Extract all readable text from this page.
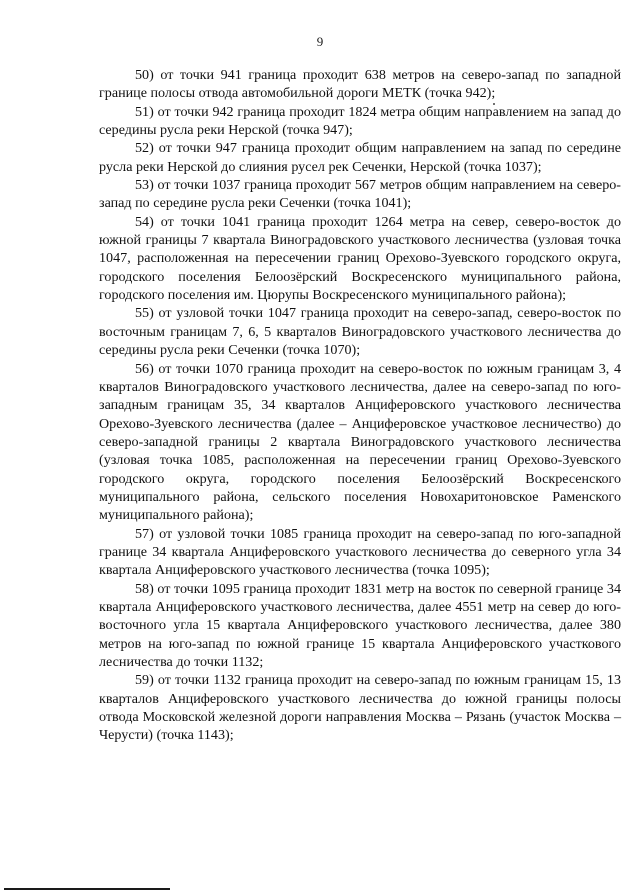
9

50) от точки 941 граница проходит 638 метров на северо-запад по западной границе полосы отвода автомобильной дороги МЕТК (точка 942);

51) от точки 942 граница проходит 1824 метра общим направлением на запад до середины русла реки Нерской (точка 947);

52) от точки 947 граница проходит общим направлением на запад по середине русла реки Нерской до слияния русел рек Сеченки, Нерской (точка 1037);

53) от точки 1037 граница проходит 567 метров общим направлением на северо-запад по середине русла реки Сеченки (точка 1041);

54) от точки 1041 граница проходит 1264 метра на север, северо-восток до южной границы 7 квартала Виноградовского участкового лесничества (узловая точка 1047, расположенная на пересечении границ Орехово-Зуевского городского округа, городского поселения Белоозёрский Воскресенского муниципального района, городского поселения им. Цюрупы Воскресенского муниципального района);

55) от узловой точки 1047 граница проходит на северо-запад, северо-восток по восточным границам 7, 6, 5 кварталов Виноградовского участкового лесничества до середины русла реки Сеченки (точка 1070);

56) от точки 1070 граница проходит на северо-восток по южным границам 3, 4 кварталов Виноградовского участкового лесничества, далее на северо-запад по юго-западным границам 35, 34 кварталов Анциферовского участкового лесничества Орехово-Зуевского лесничества (далее – Анциферовское участковое лесничество) до северо-западной границы 2 квартала Виноградовского участкового лесничества (узловая точка 1085, расположенная на пересечении границ Орехово-Зуевского городского округа, городского поселения Белоозёрский Воскресенского муниципального района, сельского поселения Новохаритоновское Раменского муниципального района);

57) от узловой точки 1085 граница проходит на северо-запад по юго-западной границе 34 квартала Анциферовского участкового лесничества до северного угла 34 квартала Анциферовского участкового лесничества (точка 1095);

58) от точки 1095 граница проходит 1831 метр на восток по северной границе 34 квартала Анциферовского участкового лесничества, далее 4551 метр на север до юго-восточного угла 15 квартала Анциферовского участкового лесничества, далее 380 метров на юго-запад по южной границе 15 квартала Анциферовского участкового лесничества до точки 1132;

59) от точки 1132 граница проходит на северо-запад по южным границам 15, 13 кварталов Анциферовского участкового лесничества до южной границы полосы отвода Московской железной дороги направления Москва – Рязань (участок Москва – Черусти) (точка 1143);
